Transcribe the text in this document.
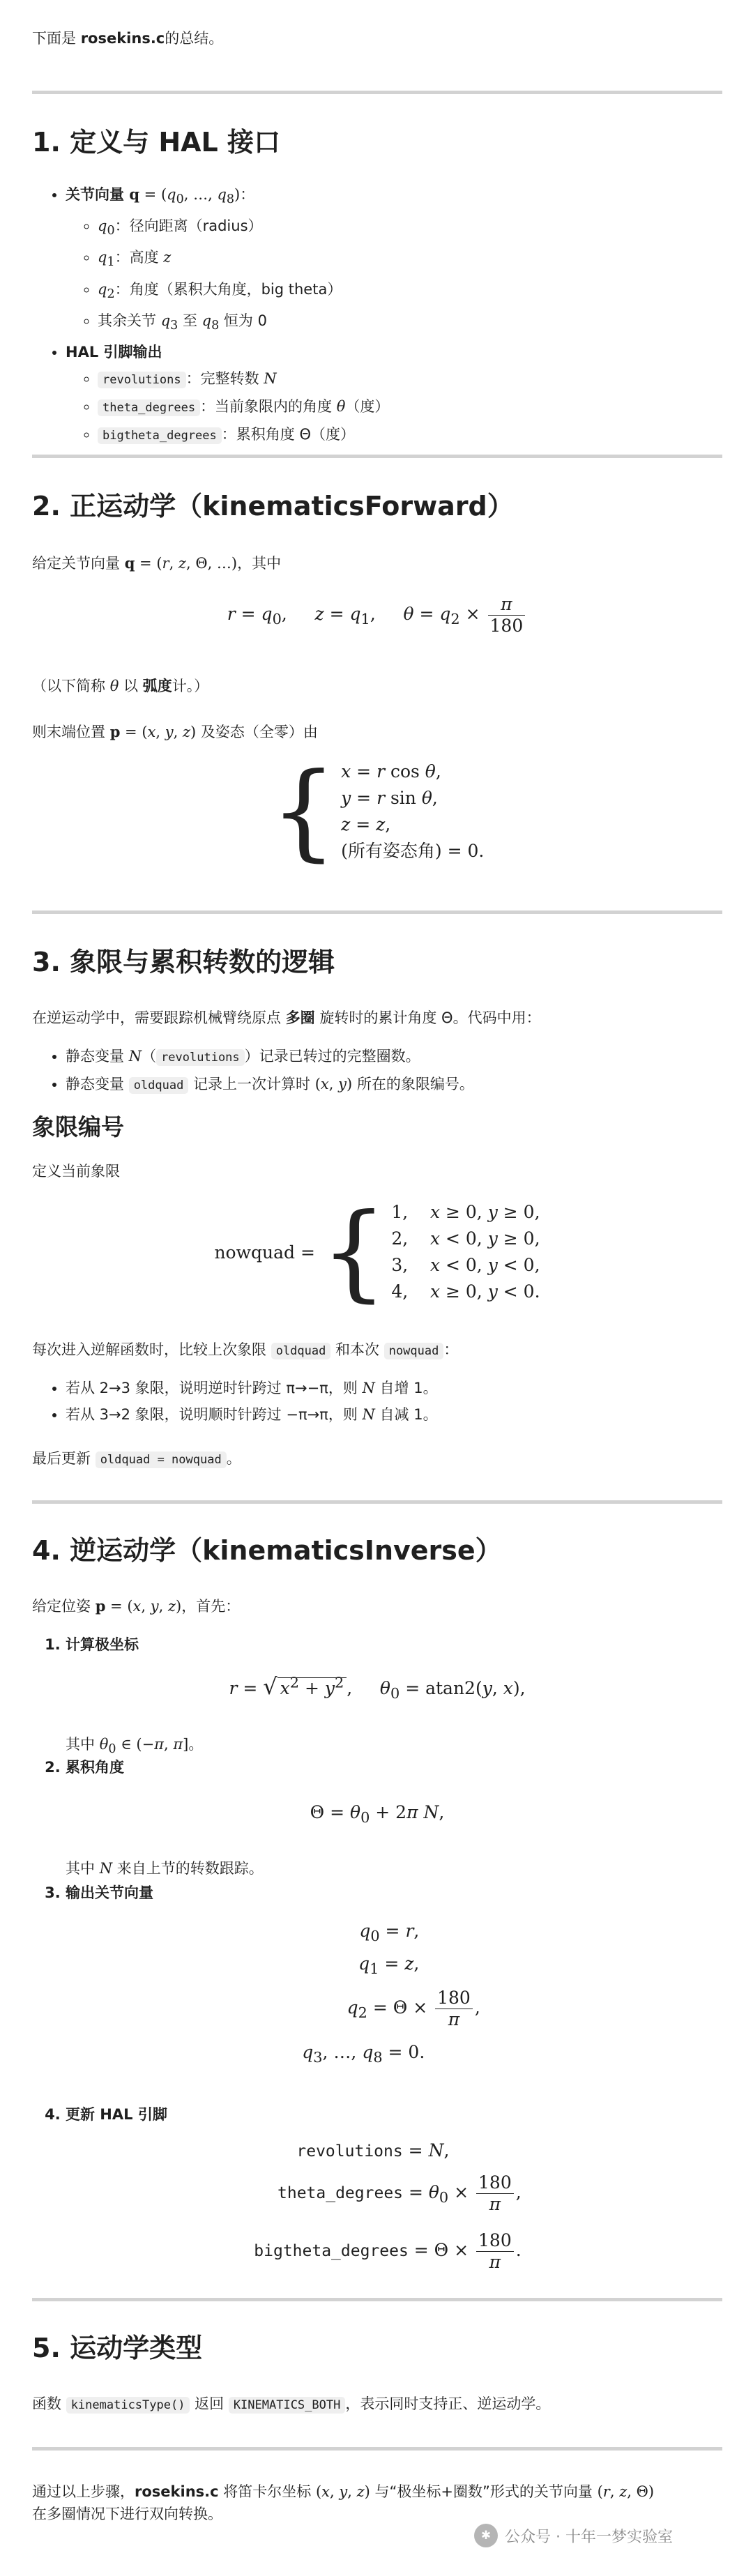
下面是 rosekins.c的总结。
1. 定义与 HAL 接口
• 关节向量 $q = (q_0$, …, $q_8$)：
◦ $q_0$：径向距离（radius）
◦ $q_1$：高度 z
◦ $q_2$：角度（累积大角度，big theta）
◦ 其余关节 $q_3$ 至 $q_8$ 恒为 0
• HAL 引脚输出
◦ revolutions ：完整转数 N
◦ theta_degrees ：当前象限内的角度 θ（度）
◦ bigtheta_degrees ：累积角度 Θ（度）
2. 正运动学（kinematicsForward）

给定关节向量 q = (r, z, Θ, …)，其中

$r = q_0$,     $z = q_1$,     $\theta = q_2 \times \frac{\pi}{180}$

（以下简称 θ 以 弧度计。）

则末端位置 p = (x, y, z) 及姿态（全零）由

{ x = r cos θ,
y = r sin θ,
z = z,
(所有姿态角) = 0.
3. 象限与累积转数的逻辑

在逆运动学中，需要跟踪机械臂绕原点 多圈 旋转时的累计角度 Θ。代码中用：

• 静态变量 N（ revolutions ）记录已转过的完整圈数。
• 静态变量 oldquad 记录上一次计算时 (x, y) 所在的象限编号。
象限编号

定义当前象限

nowquad = { 1,    x ≥ 0, y ≥ 0,
2,    x < 0, y ≥ 0,
3,    x < 0, y < 0,
4,    x ≥ 0, y < 0.

每次进入逆解函数时，比较上次象限 oldquad 和本次 nowquad ：

• 若从 2→3 象限，说明逆时针跨过 π→−π，则 N 自增 1。
• 若从 3→2 象限，说明顺时针跨过 −π→π，则 N 自减 1。

最后更新 oldquad = nowquad 。

4. 逆运动学（kinematicsInverse）

给定位姿 p = (x, y, z)，首先：

1. 计算极坐标
r = √ $x^2 + y^2$ ,     $\theta_0 = atan2(y$, x),

其中 $\theta_0$ ∈ (−π, π]。

2. 累积角度
$\Theta = \theta_0 + 2\pi$ N,

其中 N 来自上节的转数跟踪。

3. 输出关节向量
$q_0 = r$,
$q_1 = z$,
$q_2 = \Theta \times \frac{180}{\pi}$ ,
$q_3$, …, $q_8 = 0$.
4. 更新 HAL 引脚
revolutions = N,
theta_degrees = $\theta_0 \times \frac{180}{\pi}$ ,
bigtheta_degrees = $\Theta \times \frac{180}{\pi}$ .
5. 运动学类型

函数 kinematicsType() 返回 KINEMATICS_BOTH ，表示同时支持正、逆运动学。

通过以上步骤，rosekins.c 将笛卡尔坐标 (x, y, z) 与“极坐标+圈数”形式的关节向量 (r, z, Θ)
在多圈情况下进行双向转换。

✱ 公众号 · 十年一梦实验室
